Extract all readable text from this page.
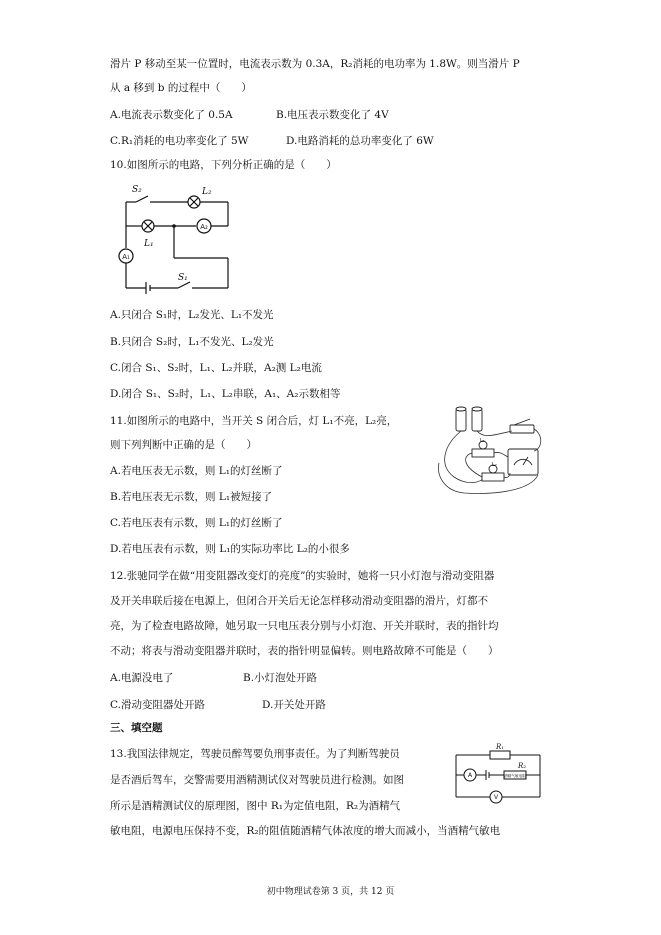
滑片 P 移动至某一位置时，电流表示数为 0.3A，R₂消耗的电功率为 1.8W。则当滑片 P
从 a 移到 b 的过程中（　　）
A.电流表示数变化了 0.5A	B.电压表示数变化了 4V
C.R₁消耗的电功率变化了 5W	D.电路消耗的总功率变化了 6W
10.如图所示的电路，下列分析正确的是（　　）
S₂	L₂
L₁
S₁
A₂
A₁
A.只闭合 S₁时，L₂发光、L₁不发光
B.只闭合 S₂时，L₁不发光、L₂发光
C.闭合 S₁、S₂时，L₁、L₂并联，A₂测 L₂电流
D.闭合 S₁、S₂时，L₁、L₂串联，A₁、A₂示数相等
11.如图所示的电路中，当开关 S 闭合后，灯 L₁不亮，L₂亮，
则下列判断中正确的是（　　）
A.若电压表无示数，则 L₁的灯丝断了
B.若电压表无示数，则 L₁被短接了
C.若电压表有示数，则 L₁的灯丝断了
D.若电压表有示数，则 L₁的实际功率比 L₂的小很多
L₁
L₂
12.张驰同学在做“用变阻器改变灯的亮度”的实验时，她将一只小灯泡与滑动变阻器
及开关串联后接在电源上，但闭合开关后无论怎样移动滑动变阻器的滑片，灯都不
亮，为了检查电路故障，她另取一只电压表分别与小灯泡、开关并联时，表的指针均
不动；将表与滑动变阻器并联时，表的指针明显偏转。则电路故障不可能是（　　）
A.电源没电了	B.小灯泡处开路
C.滑动变阻器处开路	D.开关处开路
三、填空题
13.我国法律规定，驾驶员醉驾要负刑事责任。为了判断驾驶员
是否酒后驾车，交警需要用酒精测试仪对驾驶员进行检测。如图
所示是酒精测试仪的原理图，图中 R₁为定值电阻，R₂为酒精气
敏电阻，电源电压保持不变，R₂的阻值随酒精气体浓度的增大而减小，当酒精气敏电
R₁
R₂
A
V
酒精气敏电阻
初中物理试卷第 3 页，共 12 页
